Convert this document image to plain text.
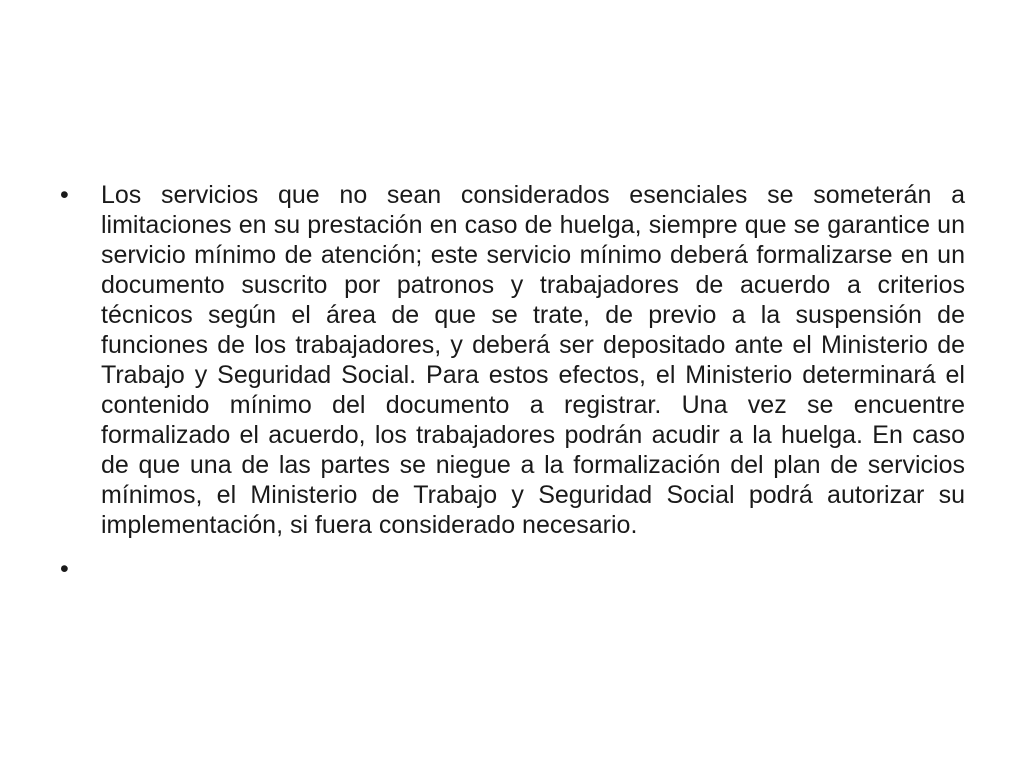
•	Los servicios que no sean considerados esenciales se someterán a limitaciones en su prestación en caso de huelga, siempre que se garantice un servicio mínimo de atención; este servicio mínimo deberá formalizarse en un documento suscrito por patronos y trabajadores de acuerdo a criterios técnicos según el área de que se trate, de previo a la suspensión de funciones de los trabajadores, y deberá ser depositado ante el Ministerio de Trabajo y Seguridad Social. Para estos efectos, el Ministerio determinará el contenido mínimo del documento a registrar. Una vez se encuentre formalizado el acuerdo, los trabajadores podrán acudir a la huelga. En caso de que una de las partes se niegue a la formalización del plan de servicios mínimos, el Ministerio de Trabajo y Seguridad Social podrá autorizar su implementación, si fuera considerado necesario.
•
